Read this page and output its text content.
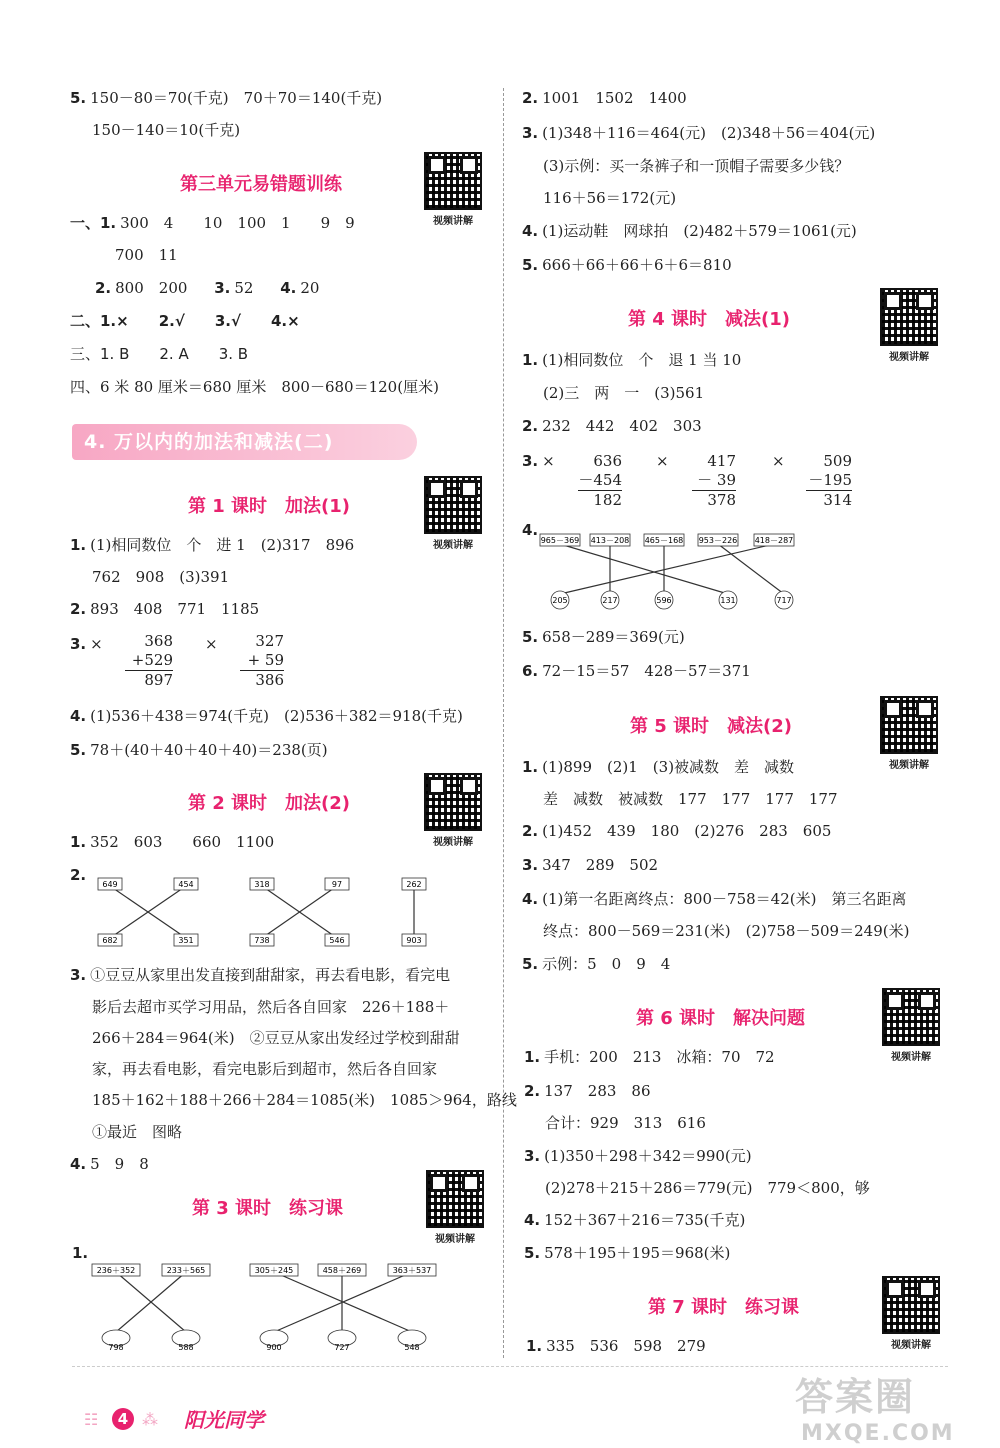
5. 150－80＝70(千克)　70＋70＝140(千克)
150－140＝10(千克)
第三单元易错题训练
视频讲解
一、1. 300　4　　10　100　1　　9　9
700　11
2. 800　200 3. 52 4. 20
二、1.×　　2.√　　3.√　　4.×
三、1. B　　2. A　　3. B
四、6 米 80 厘米＝680 厘米　800－680＝120(厘米)
4. 万以内的加法和减法(二)
第 1 课时　加法(1)
视频讲解
1. (1)相同数位　个　进 1　(2)317　896
762　908　(3)391
2. 893　408　771　1185
3. ×	368
+529
897
×	327
+ 59
386
4. (1)536＋438＝974(千克)　(2)536＋382＝918(千克)
5. 78＋(40＋40＋40＋40)＝238(页)
第 2 课时　加法(2)
视频讲解
1. 352　603　　660　1100
2.
649	454	318	97	262
682	351	738	546	903
3. ①豆豆从家里出发直接到甜甜家，再去看电影，看完电
影后去超市买学习用品，然后各自回家　226＋188＋
266＋284＝964(米)　②豆豆从家出发经过学校到甜甜
家，再去看电影，看完电影后到超市，然后各自回家
185＋162＋188＋266＋284＝1085(米)　1085＞964，路线
①最近　图略
4. 5　9　8
第 3 课时　练习课
视频讲解
1.
236＋352	233＋565	305＋245	458＋269	363＋537
798	588	900	727	548
2. 1001　1502　1400
3. (1)348＋116＝464(元)　(2)348＋56＝404(元)
(3)示例：买一条裤子和一顶帽子需要多少钱？
116＋56＝172(元)
4. (1)运动鞋　网球拍　(2)482＋579＝1061(元)
5. 666＋66＋66＋6＋6＝810
第 4 课时　减法(1)
视频讲解
1. (1)相同数位　个　退 1 当 10
(2)三　两　一　(3)561
2. 232　442　402　303
3. ×	636
－454
182
×	417
－ 39
378
×	509
－195
314
4.
965－369 413－208 465－168 953－226 418－287
205	217	596	131	717
5. 658－289＝369(元)
6. 72－15＝57　428－57＝371
第 5 课时　减法(2)
视频讲解
1. (1)899　(2)1　(3)被减数　差　减数
差　减数　被减数　177　177　177　177
2. (1)452　439　180　(2)276　283　605
3. 347　289　502
4. (1)第一名距离终点：800－758＝42(米)　第三名距离
终点：800－569＝231(米)　(2)758－509＝249(米)
5. 示例：5　0　9　4
第 6 课时　解决问题
视频讲解
1. 手机：200　213　冰箱：70　72
2. 137　283　86
合计：929　313　616
3. (1)350＋298＋342＝990(元)
(2)278＋215＋286＝779(元)　779＜800，够
4. 152＋367＋216＝735(千克)
5. 578＋195＋195＝968(米)
第 7 课时　练习课
视频讲解
1. 335　536　598　279
☷	4 ⁂ 阳光同学
答案圈
MXQE.COM
